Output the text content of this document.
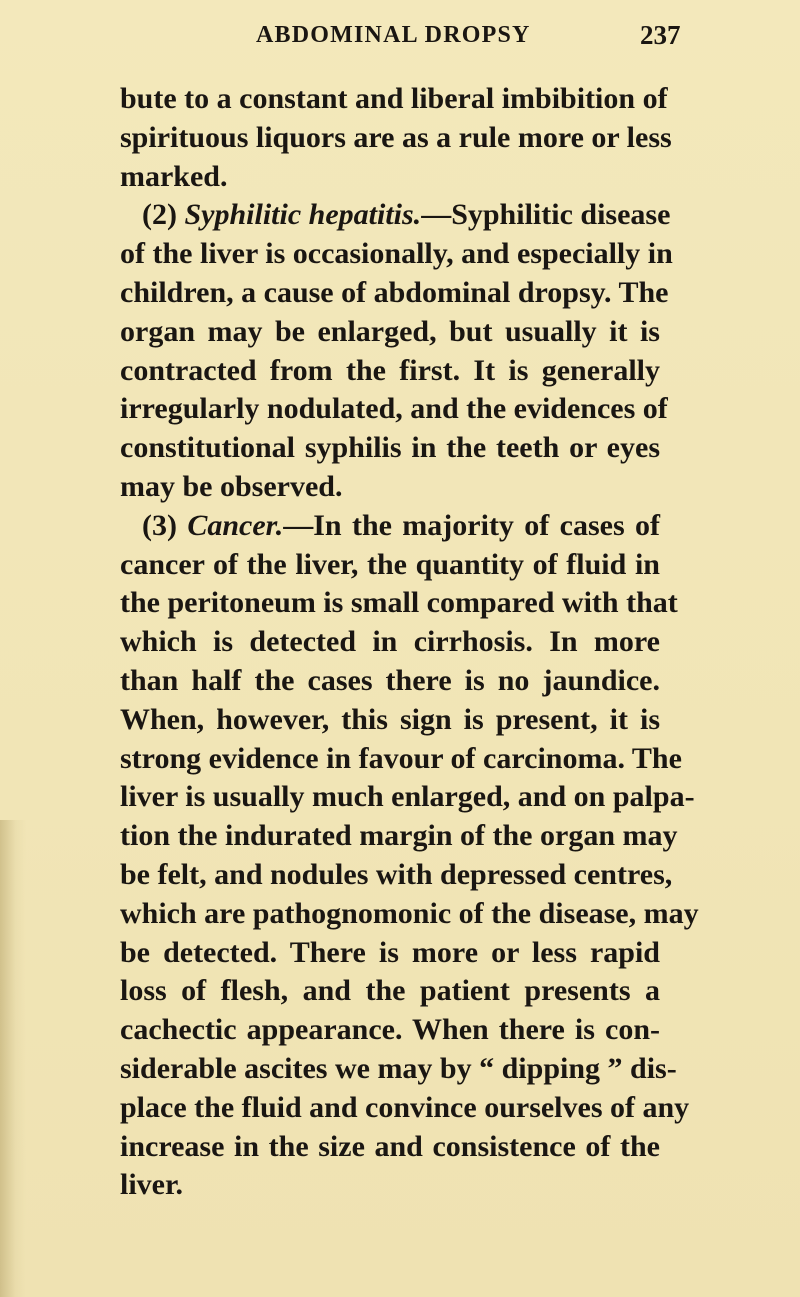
ABDOMINAL DROPSY	237
bute to a constant and liberal imbibition of
spirituous liquors are as a rule more or less
marked.
(2) Syphilitic hepatitis.—Syphilitic disease
of the liver is occasionally, and especially in
children, a cause of abdominal dropsy. The
organ may be enlarged, but usually it is
contracted from the first. It is generally
irregularly nodulated, and the evidences of
constitutional syphilis in the teeth or eyes
may be observed.
(3) Cancer.—In the majority of cases of
cancer of the liver, the quantity of fluid in
the peritoneum is small compared with that
which is detected in cirrhosis. In more
than half the cases there is no jaundice.
When, however, this sign is present, it is
strong evidence in favour of carcinoma. The
liver is usually much enlarged, and on palpa-
tion the indurated margin of the organ may
be felt, and nodules with depressed centres,
which are pathognomonic of the disease, may
be detected. There is more or less rapid
loss of flesh, and the patient presents a
cachectic appearance. When there is con-
siderable ascites we may by “ dipping ” dis-
place the fluid and convince ourselves of any
increase in the size and consistence of the
liver.
